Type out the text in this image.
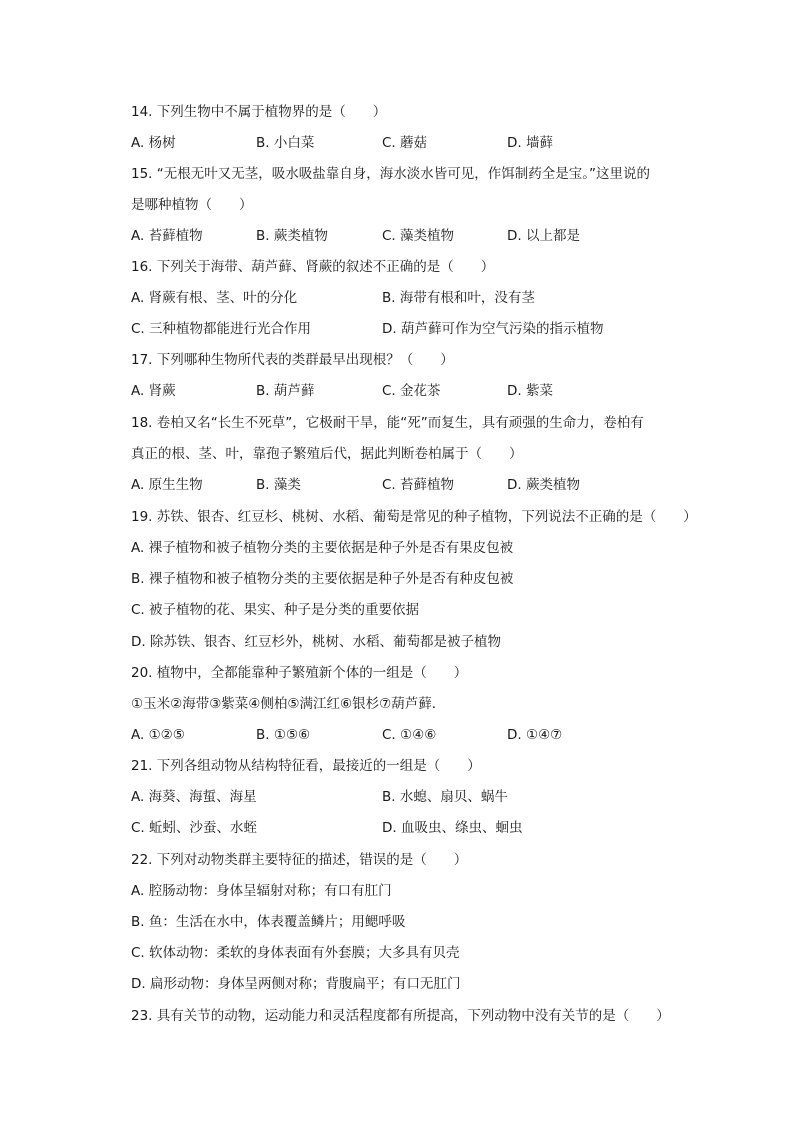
14. 下列生物中不属于植物界的是（　　）
A. 杨树	B. 小白菜	C. 蘑菇	D. 墙藓
15. “无根无叶又无茎，吸水吸盐靠自身，海水淡水皆可见，作饵制药全是宝。”这里说的
是哪种植物（　　）
A. 苔藓植物	B. 蕨类植物	C. 藻类植物	D. 以上都是
16. 下列关于海带、葫芦藓、肾蕨的叙述不正确的是（　　）
A. 肾蕨有根、茎、叶的分化	B. 海带有根和叶，没有茎
C. 三种植物都能进行光合作用	D. 葫芦藓可作为空气污染的指示植物
17. 下列哪种生物所代表的类群最早出现根？（　　）
A. 肾蕨	B. 葫芦藓	C. 金花茶	D. 紫菜
18. 卷柏又名“长生不死草”，它极耐干旱，能“死”而复生，具有顽强的生命力，卷柏有
真正的根、茎、叶，靠孢子繁殖后代，据此判断卷柏属于（　　）
A. 原生生物	B. 藻类	C. 苔藓植物	D. 蕨类植物
19. 苏铁、银杏、红豆杉、桃树、水稻、葡萄是常见的种子植物，下列说法不正确的是（　　）
A. 裸子植物和被子植物分类的主要依据是种子外是否有果皮包被
B. 裸子植物和被子植物分类的主要依据是种子外是否有种皮包被
C. 被子植物的花、果实、种子是分类的重要依据
D. 除苏铁、银杏、红豆杉外，桃树、水稻、葡萄都是被子植物
20. 植物中，全都能靠种子繁殖新个体的一组是（　　）
①玉米②海带③紫菜④侧柏⑤满江红⑥银杉⑦葫芦藓.
A. ①②⑤	B. ①⑤⑥	C. ①④⑥	D. ①④⑦
21. 下列各组动物从结构特征看，最接近的一组是（　　）
A. 海葵、海蜇、海星	B. 水螅、扇贝、蜗牛
C. 蚯蚓、沙蚕、水蛭	D. 血吸虫、绦虫、蛔虫
22. 下列对动物类群主要特征的描述，错误的是（　　）
A. 腔肠动物：身体呈辐射对称；有口有肛门
B. 鱼：生活在水中，体表覆盖鳞片；用鳃呼吸
C. 软体动物：柔软的身体表面有外套膜；大多具有贝壳
D. 扁形动物：身体呈两侧对称；背腹扁平；有口无肛门
23. 具有关节的动物，运动能力和灵活程度都有所提高，下列动物中没有关节的是（　　）
